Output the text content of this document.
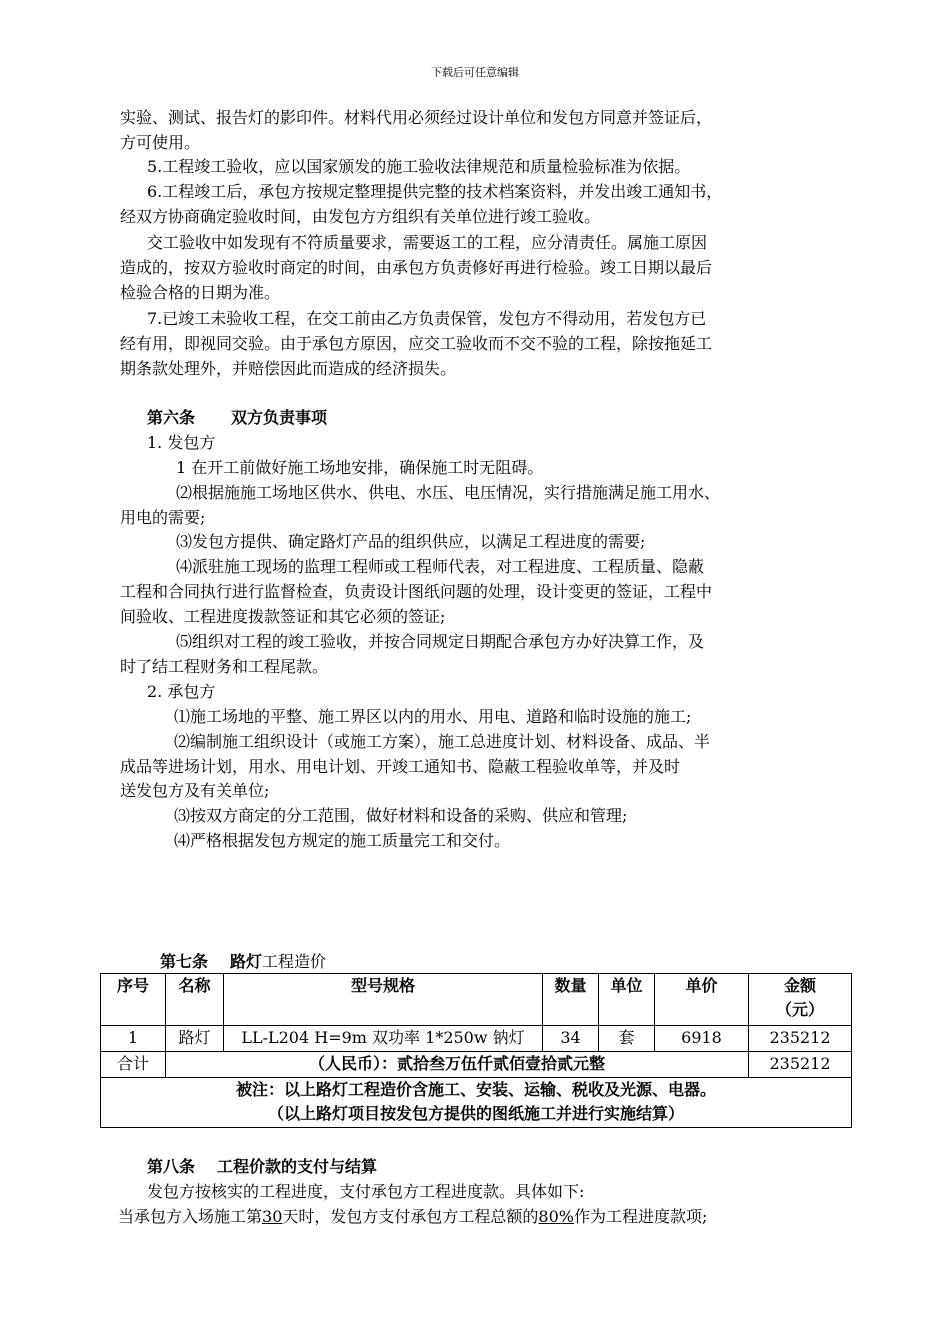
下载后可任意编辑
实验、测试、报告灯的影印件。材料代用必须经过设计单位和发包方同意并签证后，
方可使用。
5.工程竣工验收，应以国家颁发的施工验收法律规范和质量检验标准为依据。
6.工程竣工后，承包方按规定整理提供完整的技术档案资料，并发出竣工通知书，
经双方协商确定验收时间，由发包方方组织有关单位进行竣工验收。
交工验收中如发现有不符质量要求，需要返工的工程，应分清责任。属施工原因
造成的，按双方验收时商定的时间，由承包方负责修好再进行检验。竣工日期以最后
检验合格的日期为准。
7.已竣工未验收工程，在交工前由乙方负责保管，发包方不得动用，若发包方已
经有用，即视同交验。由于承包方原因，应交工验收而不交不验的工程，除按拖延工
期条款处理外，并赔偿因此而造成的经济损失。
第六条 双方负责事项
1. 发包方
1 在开工前做好施工场地安排，确保施工时无阻碍。
⑵根据施施工场地区供水、供电、水压、电压情况，实行措施满足施工用水、
用电的需要;
⑶发包方提供、确定路灯产品的组织供应，以满足工程进度的需要;
⑷派驻施工现场的监理工程师或工程师代表，对工程进度、工程质量、隐蔽
工程和合同执行进行监督检查，负责设计图纸问题的处理，设计变更的签证，工程中
间验收、工程进度拨款签证和其它必须的签证;
⑸组织对工程的竣工验收，并按合同规定日期配合承包方办好决算工作，及
时了结工程财务和工程尾款。
2. 承包方
⑴施工场地的平整、施工界区以内的用水、用电、道路和临时设施的施工;
⑵编制施工组织设计（或施工方案），施工总进度计划、材料设备、成品、半
成品等进场计划，用水、用电计划、开竣工通知书、隐蔽工程验收单等，并及时
送发包方及有关单位;
⑶按双方商定的分工范围，做好材料和设备的采购、供应和管理;
⑷严格根据发包方规定的施工质量完工和交付。
第七条 路灯工程造价
序号	名称	型号规格	数量	单位	单价	金额
（元）

1	路灯	LL-L204 H=9m 双功率 1*250w 钠灯	34	套	6918	235212
合计	（人民币）：贰拾叁万伍仟贰佰壹拾贰元整					235212

被注：以上路灯工程造价含施工、安装、运输、税收及光源、电器。
（以上路灯项目按发包方提供的图纸施工并进行实施结算）						
第八条 工程价款的支付与结算
发包方按核实的工程进度，支付承包方工程进度款。具体如下:
当承包方入场施工第30天时，发包方支付承包方工程总额的80%作为工程进度款项;
